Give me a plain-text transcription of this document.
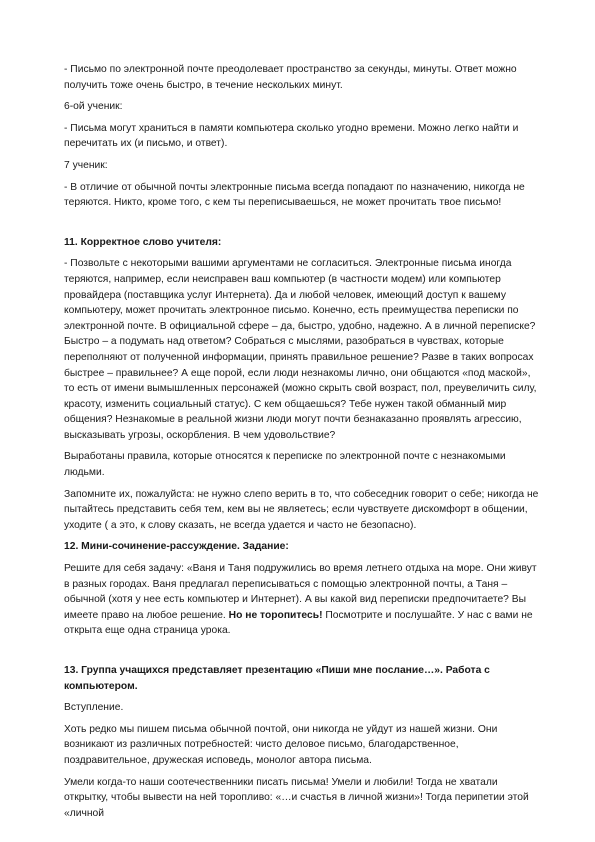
- Письмо по электронной почте преодолевает пространство за секунды, минуты. Ответ можно получить тоже очень быстро, в течение нескольких минут.

6-ой ученик:

- Письма могут храниться в памяти компьютера сколько угодно времени. Можно легко найти и перечитать их (и письмо, и ответ).

7 ученик:

- В отличие от обычной почты электронные письма всегда попадают по назначению, никогда не теряются. Никто, кроме того, с кем ты переписываешься, не может прочитать твое письмо!

11. Корректное слово учителя:

- Позвольте с некоторыми вашими аргументами не согласиться. Электронные письма иногда теряются, например, если неисправен ваш компьютер (в частности модем) или компьютер провайдера (поставщика услуг Интернета). Да и любой человек, имеющий доступ к вашему компьютеру, может прочитать электронное письмо. Конечно, есть преимущества переписки по электронной почте. В официальной сфере – да, быстро, удобно, надежно. А в личной переписке? Быстро – а подумать над ответом? Собраться с мыслями, разобраться в чувствах, которые переполняют от полученной информации, принять правильное решение? Разве в таких вопросах быстрее – правильнее? А еще порой, если люди незнакомы лично, они общаются «под маской», то есть от имени вымышленных персонажей (можно скрыть свой возраст, пол, преувеличить силу, красоту, изменить социальный статус). С кем общаешься? Тебе нужен такой обманный мир общения? Незнакомые в реальной жизни люди могут почти безнаказанно проявлять агрессию, высказывать угрозы, оскорбления. В чем удовольствие?

Выработаны правила, которые относятся к переписке по электронной почте с незнакомыми людьми.

Запомните их, пожалуйста: не нужно слепо верить в то, что собеседник говорит о себе; никогда не пытайтесь представить себя тем, кем вы не являетесь; если чувствуете дискомфорт в общении, уходите ( а это, к слову сказать, не всегда удается и часто не безопасно).

12. Мини-сочинение-рассуждение. Задание:

Решите для себя задачу: «Ваня и Таня подружились во время летнего отдыха на море. Они живут в разных городах. Ваня предлагал переписываться с помощью электронной почты, а Таня – обычной (хотя у нее есть компьютер и Интернет). А вы какой вид переписки предпочитаете? Вы имеете право на любое решение. Но не торопитесь! Посмотрите и послушайте. У нас с вами не открыта еще одна страница урока.

13. Группа учащихся представляет презентацию «Пиши мне послание…». Работа с компьютером.

Вступление.

Хоть редко мы пишем письма обычной почтой, они никогда не уйдут из нашей жизни. Они возникают из различных потребностей: чисто деловое письмо, благодарственное, поздравительное, дружеская исповедь, монолог автора письма.

Умели когда-то наши соотечественники писать письма! Умели и любили! Тогда не хватали открытку, чтобы вывести на ней торопливо: «…и счастья в личной жизни»! Тогда перипетии этой «личной
